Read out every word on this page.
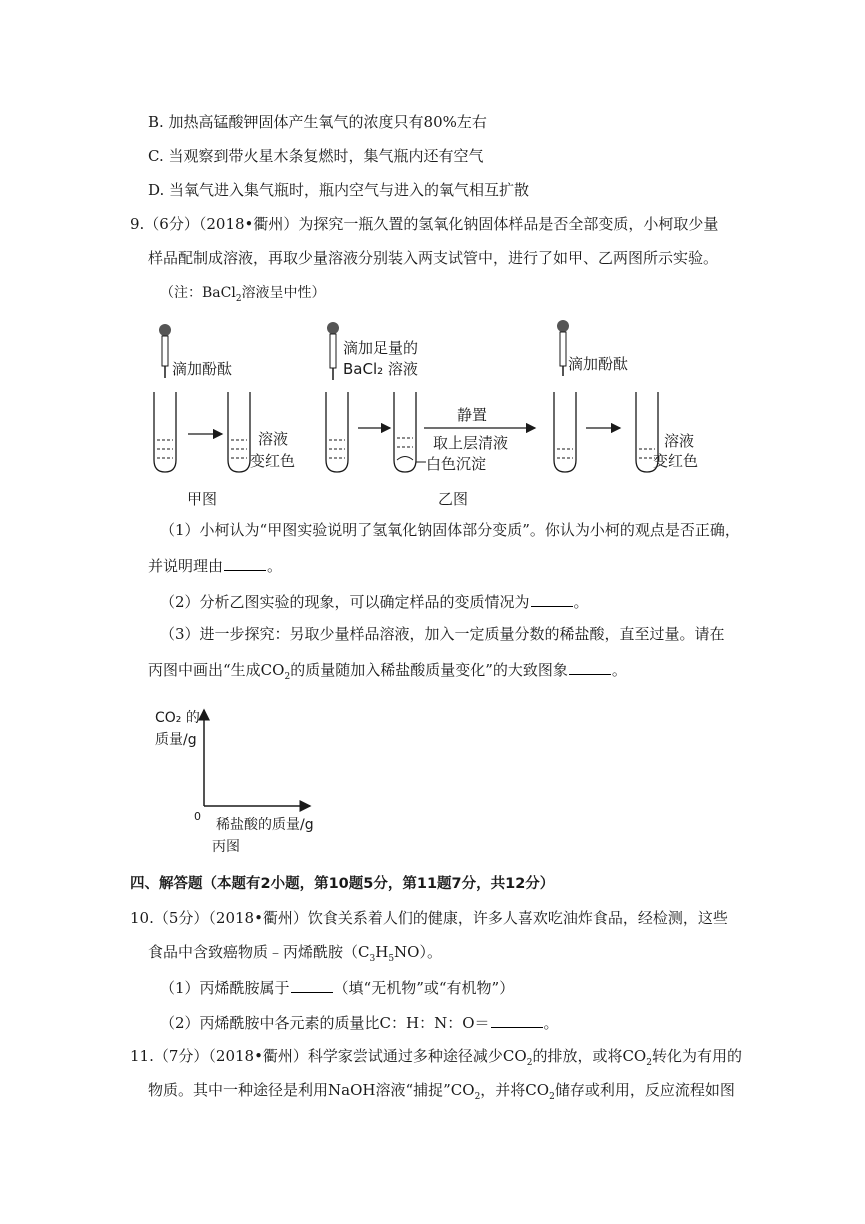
B. 加热高锰酸钾固体产生氧气的浓度只有80%左右
C. 当观察到带火星木条复燃时，集气瓶内还有空气
D. 当氧气进入集气瓶时，瓶内空气与进入的氧气相互扩散
9.（6分）（2018•衢州）为探究一瓶久置的氢氧化钠固体样品是否全部变质，小柯取少量
样品配制成溶液，再取少量溶液分别装入两支试管中，进行了如甲、乙两图所示实验。
（注：BaCl$_2$溶液呈中性）
滴加酚酞
溶液
变红色
甲图
滴加足量的
BaCl₂ 溶液
白色沉淀
静置
取上层清液
滴加酚酞
溶液
变红色
乙图
（1）小柯认为“甲图实验说明了氢氧化钠固体部分变质”。你认为小柯的观点是否正确，
并说明理由	。
（2）分析乙图实验的现象，可以确定样品的变质情况为	。
（3）进一步探究：另取少量样品溶液，加入一定质量分数的稀盐酸，直至过量。请在
丙图中画出“生成$CO_2$的质量随加入稀盐酸质量变化”的大致图象	。
CO₂ 的
质量/g
0
稀盐酸的质量/g
丙图
四、解答题（本题有2小题，第10题5分，第11题7分，共12分）
10.（5分）（2018•衢州）饮食关系着人们的健康，许多人喜欢吃油炸食品，经检测，这些
食品中含致癌物质﹣丙烯酰胺$(C_3H_5NO)$。
（1）丙烯酰胺属于	（填“无机物”或“有机物”）
（2）丙烯酰胺中各元素的质量比C：H：N：O＝	。
11.（7分）（2018•衢州）科学家尝试通过多种途径减少$CO_2$的排放，或将$CO_2$转化为有用的
物质。其中一种途径是利用NaOH溶液“捕捉$”CO_2$，并将$CO_2$储存或利用，反应流程如图
